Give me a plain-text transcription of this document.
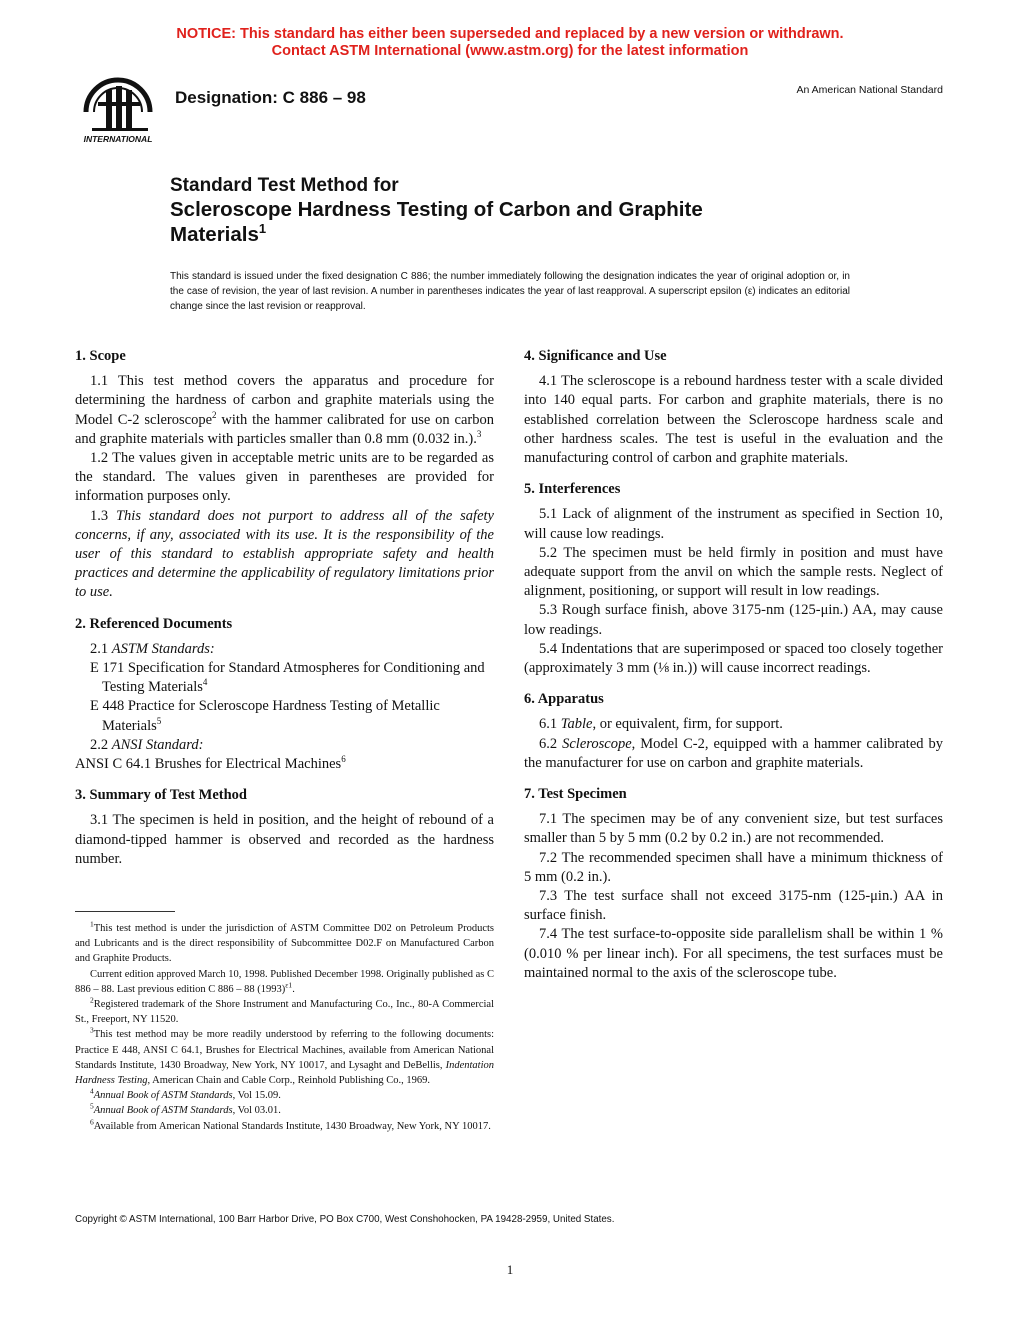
NOTICE: This standard has either been superseded and replaced by a new version or withdrawn.
Contact ASTM International (www.astm.org) for the latest information
INTERNATIONAL
Designation: C 886 – 98	An American National Standard
Standard Test Method for
Scleroscope Hardness Testing of Carbon and Graphite
Materials$^1$
This standard is issued under the fixed designation C 886; the number immediately following the designation indicates the year of original adoption or, in the case of revision, the year of last revision. A number in parentheses indicates the year of last reapproval. A superscript epsilon (ε) indicates an editorial change since the last revision or reapproval.
1. Scope

1.1 This test method covers the apparatus and procedure for determining the hardness of carbon and graphite materials using the Model C-2 scleroscope$^2$ with the hammer calibrated for use on carbon and graphite materials with particles smaller than 0.8 mm (0.032 in.).$^3$

1.2 The values given in acceptable metric units are to be regarded as the standard. The values given in parentheses are provided for information purposes only.

1.3 This standard does not purport to address all of the safety concerns, if any, associated with its use. It is the responsibility of the user of this standard to establish appropriate safety and health practices and determine the applicability of regulatory limitations prior to use.

2. Referenced Documents

2.1 ASTM Standards:

E 171 Specification for Standard Atmospheres for Conditioning and Testing Materials$^4$

E 448 Practice for Scleroscope Hardness Testing of Metallic Materials$^5$

2.2 ANSI Standard:

ANSI C 64.1 Brushes for Electrical Machines$^6$

3. Summary of Test Method

3.1 The specimen is held in position, and the height of rebound of a diamond-tipped hammer is observed and recorded as the hardness number.

$^1$This test method is under the jurisdiction of ASTM Committee D02 on Petroleum Products and Lubricants and is the direct responsibility of Subcommittee D02.F on Manufactured Carbon and Graphite Products.

Current edition approved March 10, 1998. Published December 1998. Originally published as C 886 – 88. Last previous edition C 886 – 88 $(1993)^{\varepsilon 1}$.

$^2$Registered trademark of the Shore Instrument and Manufacturing Co., Inc., 80-A Commercial St., Freeport, NY 11520.

$^3$This test method may be more readily understood by referring to the following documents: Practice E 448, ANSI C 64.1, Brushes for Electrical Machines, available from American National Standards Institute, 1430 Broadway, New York, NY 10017, and Lysaght and DeBellis, Indentation Hardness Testing, American Chain and Cable Corp., Reinhold Publishing Co., 1969.

$^4$Annual Book of ASTM Standards, Vol 15.09.

$^5$Annual Book of ASTM Standards, Vol 03.01.

$^6$Available from American National Standards Institute, 1430 Broadway, New York, NY 10017.

4. Significance and Use

4.1 The scleroscope is a rebound hardness tester with a scale divided into 140 equal parts. For carbon and graphite materials, there is no established correlation between the Scleroscope hardness scale and other hardness scales. The test is useful in the evaluation and the manufacturing control of carbon and graphite materials.

5. Interferences

5.1 Lack of alignment of the instrument as specified in Section 10, will cause low readings.

5.2 The specimen must be held firmly in position and must have adequate support from the anvil on which the sample rests. Neglect of alignment, positioning, or support will result in low readings.

5.3 Rough surface finish, above 3175-nm (125-μin.) AA, may cause low readings.

5.4 Indentations that are superimposed or spaced too closely together (approximately 3 mm (⅛ in.)) will cause incorrect readings.

6. Apparatus

6.1 Table, or equivalent, firm, for support.

6.2 Scleroscope, Model C-2, equipped with a hammer calibrated by the manufacturer for use on carbon and graphite materials.

7. Test Specimen

7.1 The specimen may be of any convenient size, but test surfaces smaller than 5 by 5 mm (0.2 by 0.2 in.) are not recommended.

7.2 The recommended specimen shall have a minimum thickness of 5 mm (0.2 in.).

7.3 The test surface shall not exceed 3175-nm (125-μin.) AA in surface finish.

7.4 The test surface-to-opposite side parallelism shall be within 1 % (0.010 % per linear inch). For all specimens, the test surfaces must be maintained normal to the axis of the scleroscope tube.

Copyright © ASTM International, 100 Barr Harbor Drive, PO Box C700, West Conshohocken, PA 19428-2959, United States.
1
